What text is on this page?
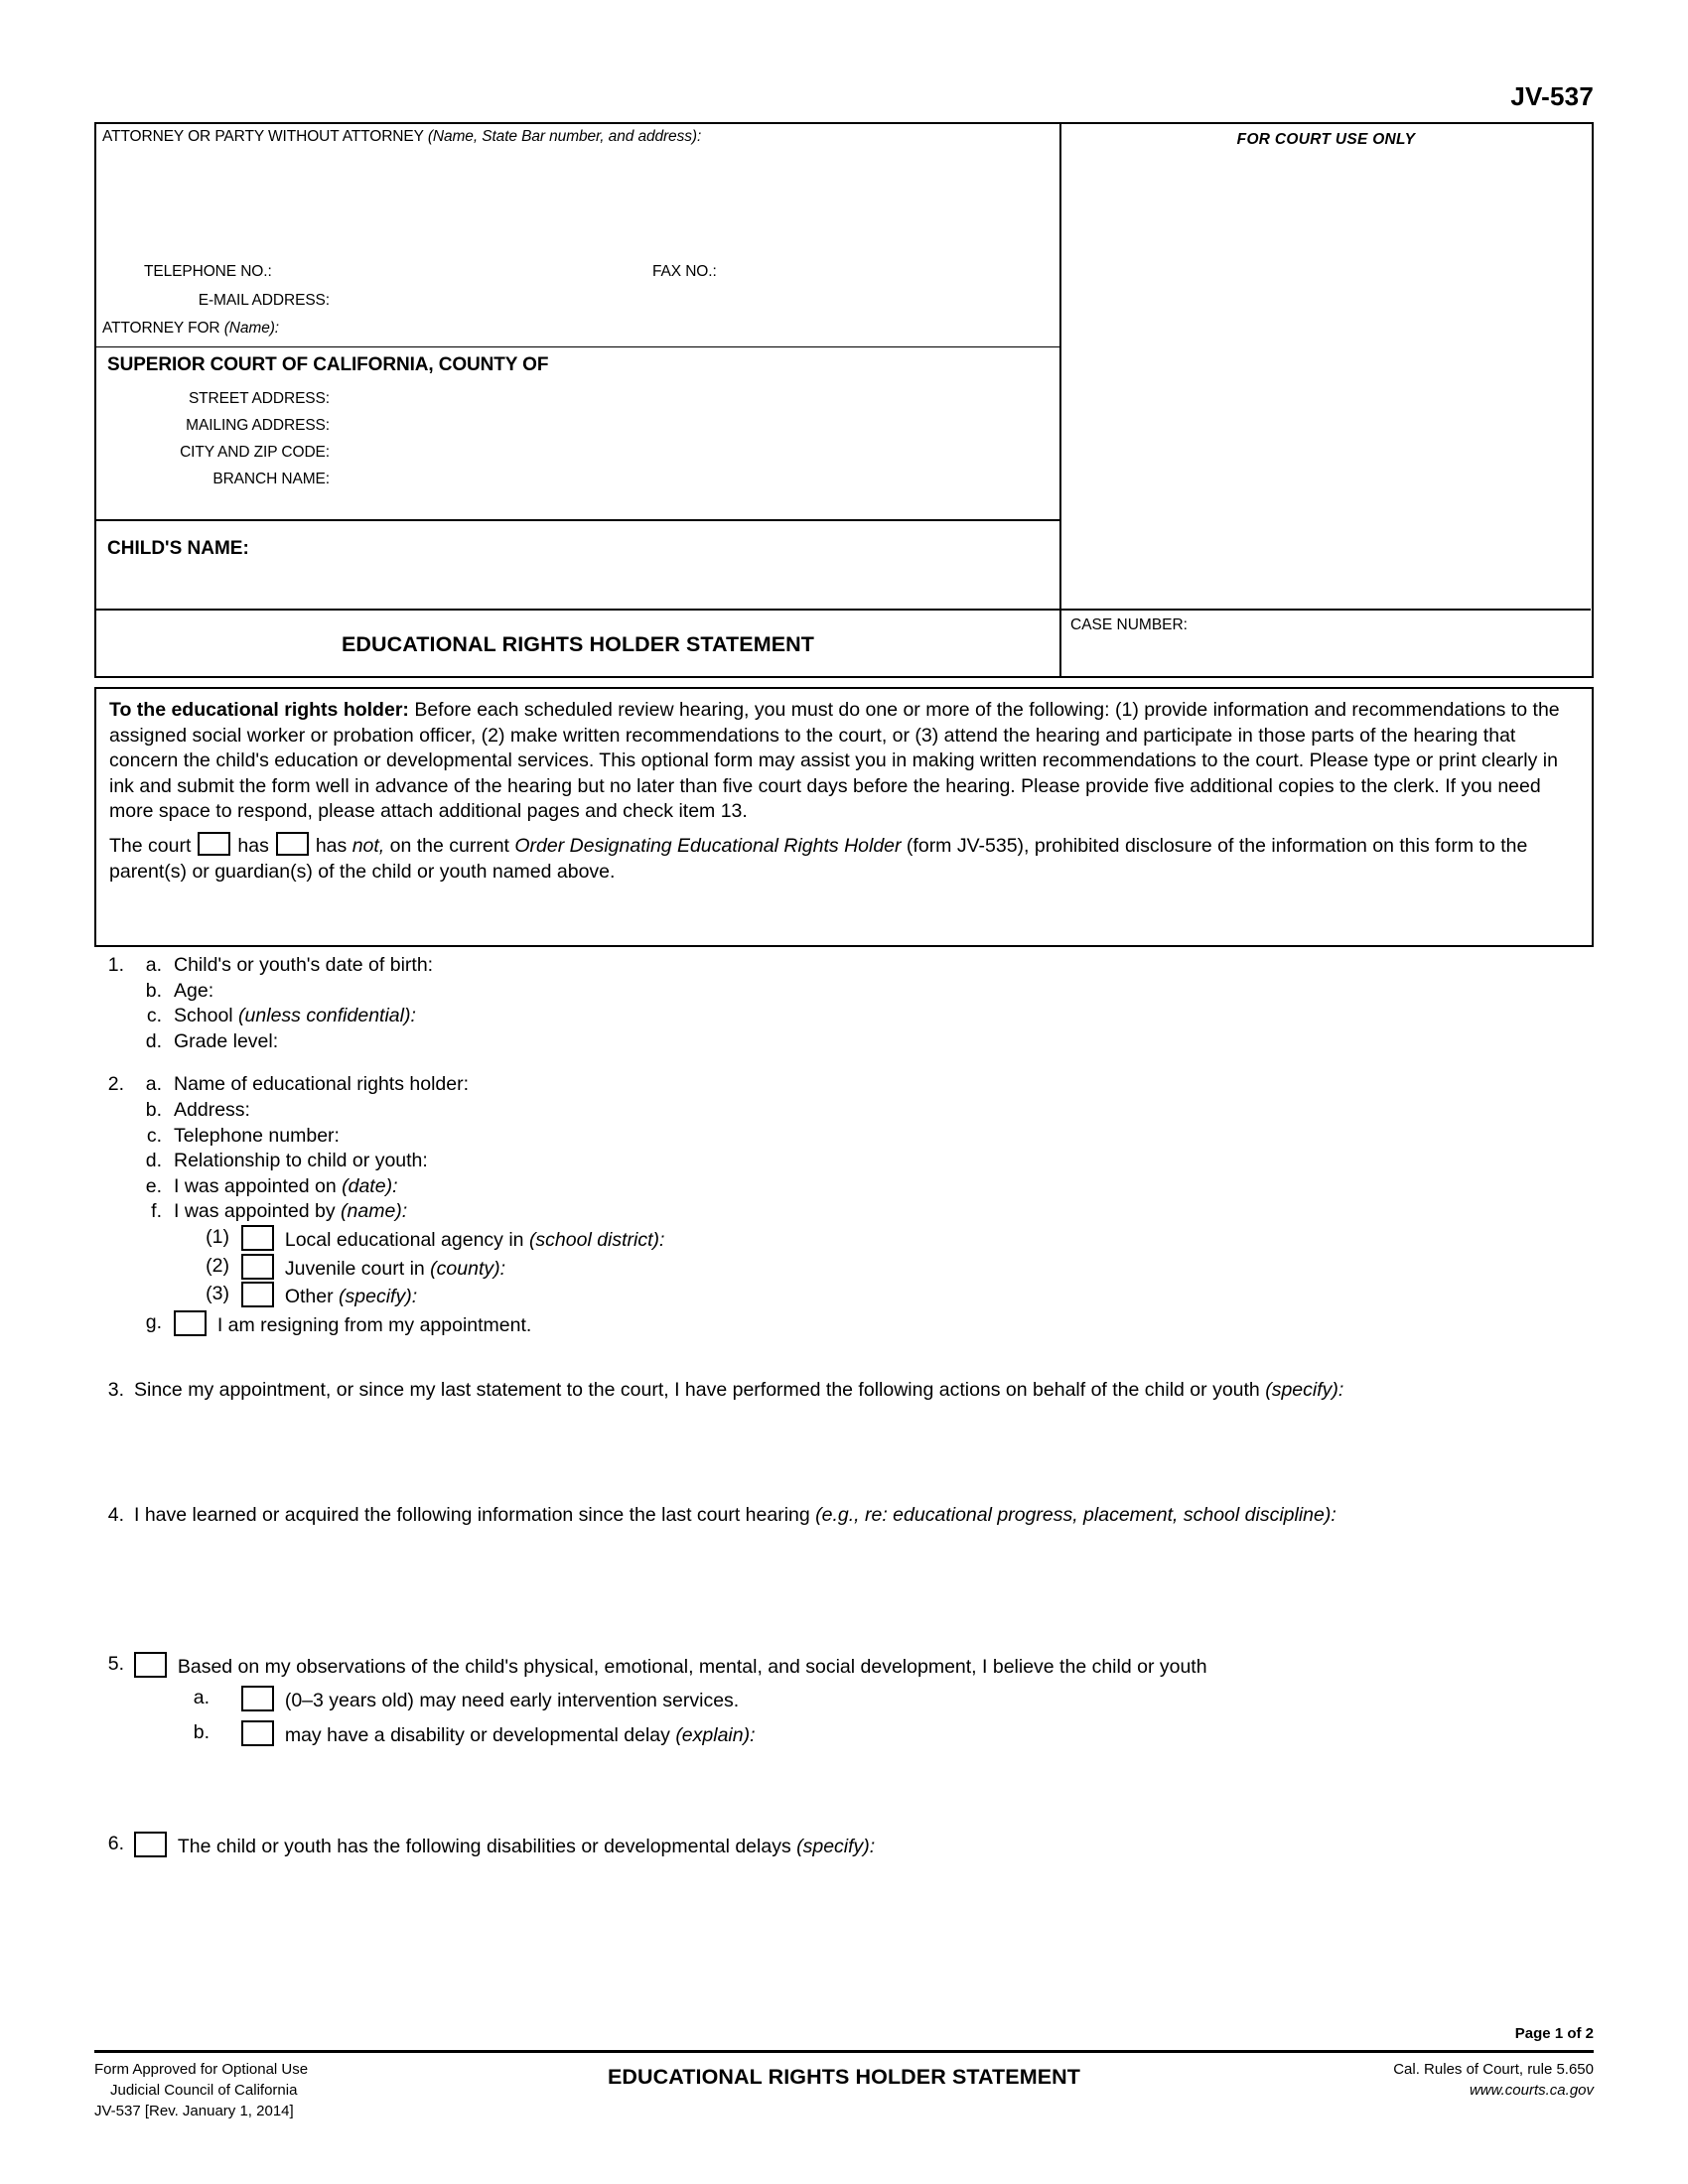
JV-537
ATTORNEY OR PARTY WITHOUT ATTORNEY (Name, State Bar number, and address):
TELEPHONE NO.:	FAX NO.:
E-MAIL ADDRESS:
ATTORNEY FOR (Name):
SUPERIOR COURT OF CALIFORNIA, COUNTY OF
STREET ADDRESS:
MAILING ADDRESS:
CITY AND ZIP CODE:
BRANCH NAME:
CHILD'S NAME:
EDUCATIONAL RIGHTS HOLDER STATEMENT
FOR COURT USE ONLY
CASE NUMBER:

To the educational rights holder: Before each scheduled review hearing, you must do one or more of the following: (1) provide information and recommendations to the assigned social worker or probation officer, (2) make written recommendations to the court, or (3) attend the hearing and participate in those parts of the hearing that concern the child's education or developmental services. This optional form may assist you in making written recommendations to the court. Please type or print clearly in ink and submit the form well in advance of the hearing but no later than five court days before the hearing. Please provide five additional copies to the clerk. If you need more space to respond, please attach additional pages and check item 13.

The court has has not, on the current Order Designating Educational Rights Holder (form JV-535), prohibited disclosure of the information on this form to the parent(s) or guardian(s) of the child or youth named above.

1.	a. Child's or youth's date of birth:
b. Age:
c. School (unless confidential):
d. Grade level:
2.	a. Name of educational rights holder:
b. Address:
c. Telephone number:
d. Relationship to child or youth:
e. I was appointed on (date):
f. I was appointed by (name):
(1)	Local educational agency in (school district):
(2)	Juvenile court in (county):
(3)	Other (specify):
g.	I am resigning from my appointment.
3. Since my appointment, or since my last statement to the court, I have performed the following actions on behalf of the child or youth (specify):
4. I have learned or acquired the following information since the last court hearing (e.g., re: educational progress, placement, school discipline):
5.	Based on my observations of the child's physical, emotional, mental, and social development, I believe the child or youth
a.	(0–3 years old) may need early intervention services.
b.	may have a disability or developmental delay (explain):
6.	The child or youth has the following disabilities or developmental delays (specify):
Page 1 of 2
Form Approved for Optional Use
Judicial Council of California
JV-537 [Rev. January 1, 2014]
EDUCATIONAL RIGHTS HOLDER STATEMENT	Cal. Rules of Court, rule 5.650
www.courts.ca.gov
